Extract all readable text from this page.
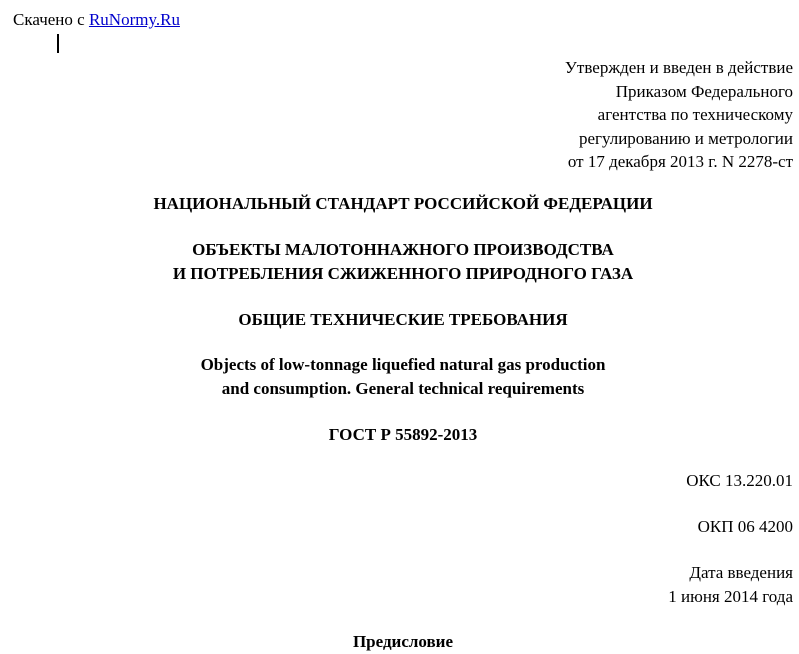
Скачено с RuNormy.Ru
Утвержден и введен в действие
Приказом Федерального
агентства по техническому
регулированию и метрологии
от 17 декабря 2013 г. N 2278-ст
НАЦИОНАЛЬНЫЙ СТАНДАРТ РОССИЙСКОЙ ФЕДЕРАЦИИ
ОБЪЕКТЫ МАЛОТОННАЖНОГО ПРОИЗВОДСТВА
И ПОТРЕБЛЕНИЯ СЖИЖЕННОГО ПРИРОДНОГО ГАЗА
ОБЩИЕ ТЕХНИЧЕСКИЕ ТРЕБОВАНИЯ
Objects of low-tonnage liquefied natural gas production
and consumption. General technical requirements
ГОСТ Р 55892-2013
ОКС 13.220.01
ОКП 06 4200
Дата введения
1 июня 2014 года
Предисловие
